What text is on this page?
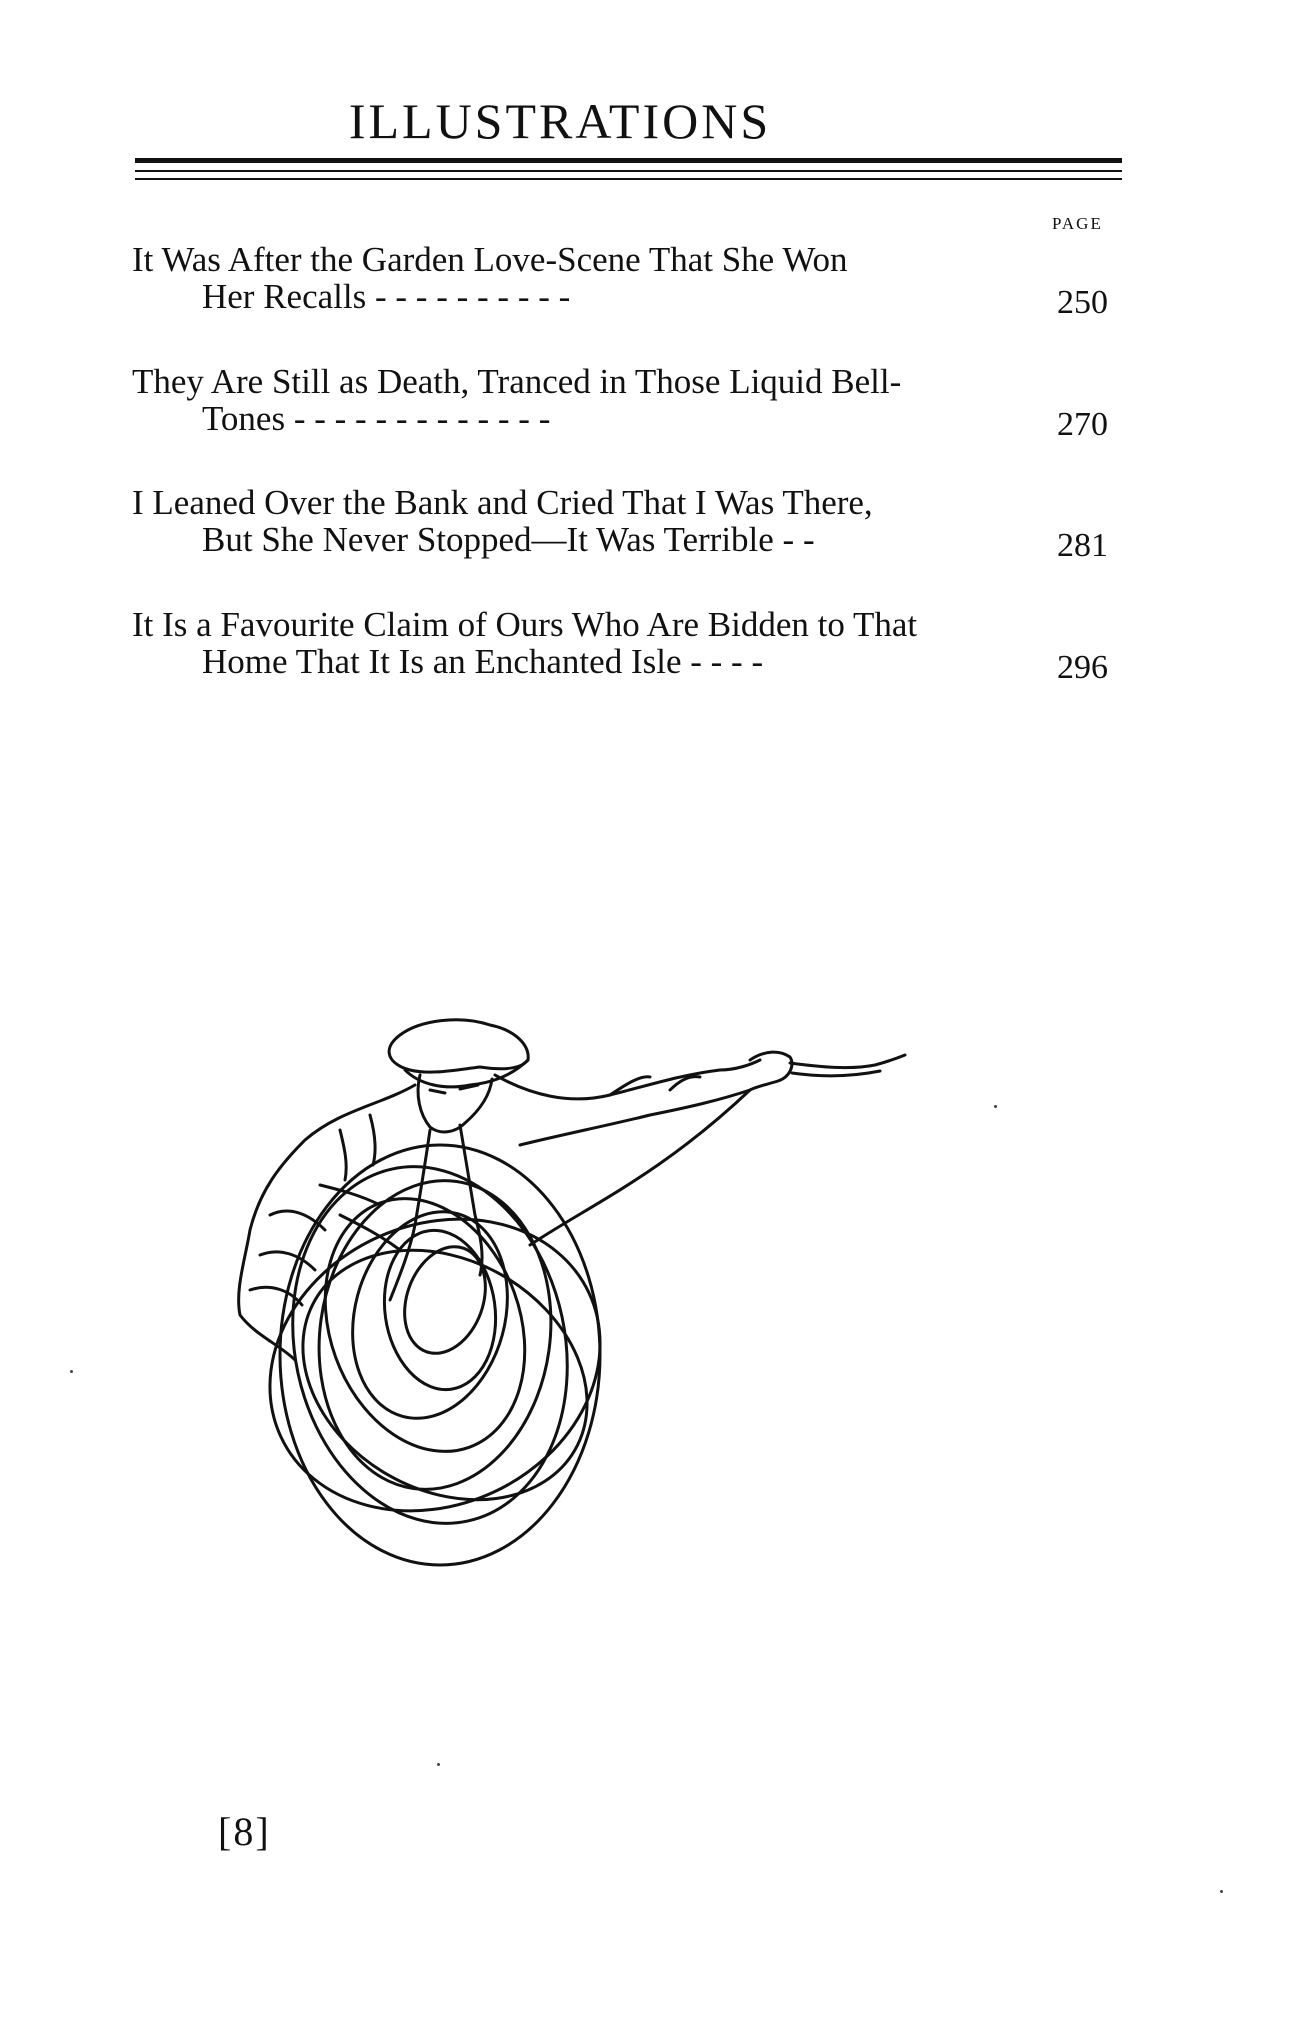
ILLUSTRATIONS
PAGE
It Was After the Garden Love-Scene That She Won
Her Recalls - - - - - - - - - -	250
They Are Still as Death, Tranced in Those Liquid Bell-
Tones - - - - - - - - - - - - -	270
I Leaned Over the Bank and Cried That I Was There,
But She Never Stopped—It Was Terrible - -	281
It Is a Favourite Claim of Ours Who Are Bidden to That
Home That It Is an Enchanted Isle - - - -	296
[8]
